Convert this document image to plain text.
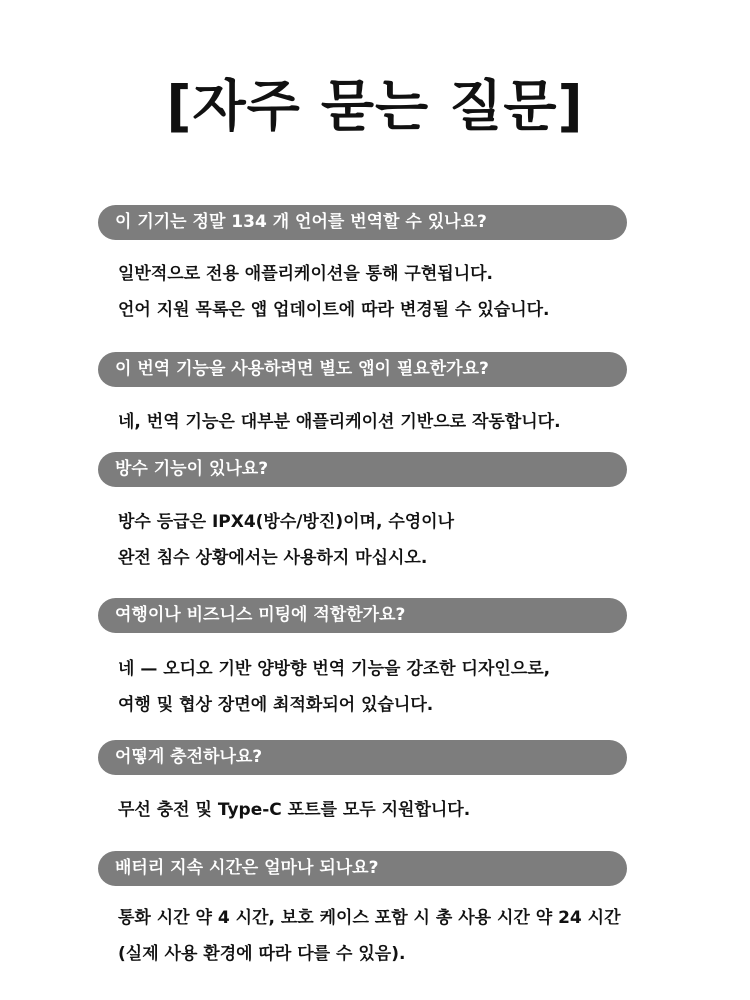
[자주 묻는 질문]
이 기기는 정말 134 개 언어를 번역할 수 있나요?
일반적으로 전용 애플리케이션을 통해 구현됩니다.
언어 지원 목록은 앱 업데이트에 따라 변경될 수 있습니다.
이 번역 기능을 사용하려면 별도 앱이 필요한가요?
네, 번역 기능은 대부분 애플리케이션 기반으로 작동합니다.
방수 기능이 있나요?
방수 등급은 IPX4(방수/방진)이며, 수영이나
완전 침수 상황에서는 사용하지 마십시오.
여행이나 비즈니스 미팅에 적합한가요?
네 — 오디오 기반 양방향 번역 기능을 강조한 디자인으로,
여행 및 협상 장면에 최적화되어 있습니다.
어떻게 충전하나요?
무선 충전 및 Type-C 포트를 모두 지원합니다.
배터리 지속 시간은 얼마나 되나요?
통화 시간 약 4 시간, 보호 케이스 포함 시 총 사용 시간 약 24 시간
(실제 사용 환경에 따라 다를 수 있음).
